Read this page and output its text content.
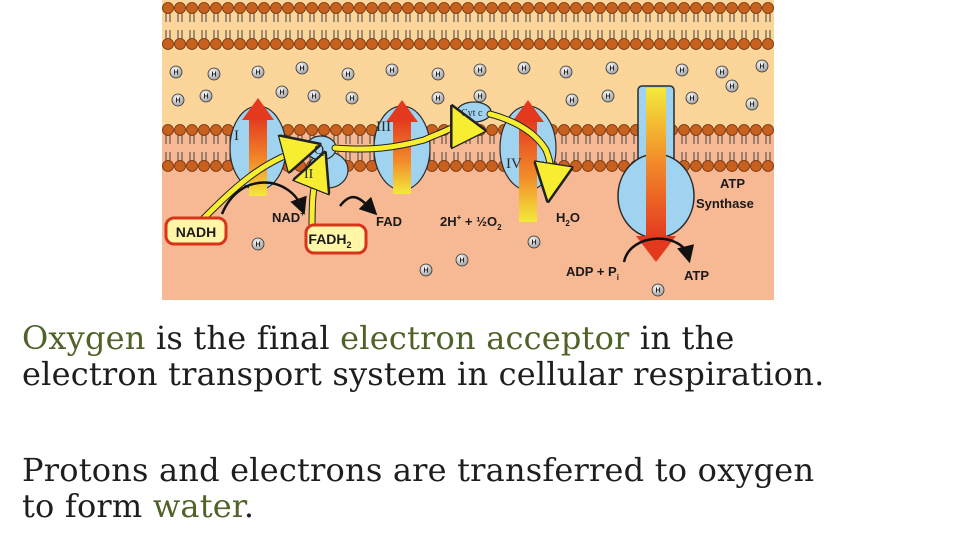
H	H	H
H
H
H
H
H	H
H
H	H	H
H
H
H
H
H	H	H	H
H
H	H
H
H
H
H
H
H
H
I
II
III
IV
Q
Cyt c
NADH	$FADH_2$
NAD+
FAD	$2H^+ + \frac{1}{2}O_2$
$H_2O$
ATP
Synthase
ADP + $P_i$	ATP

Oxygen is the final electron acceptor in the
electron transport system in cellular respiration.

Protons and electrons are transferred to oxygen
to form water.
